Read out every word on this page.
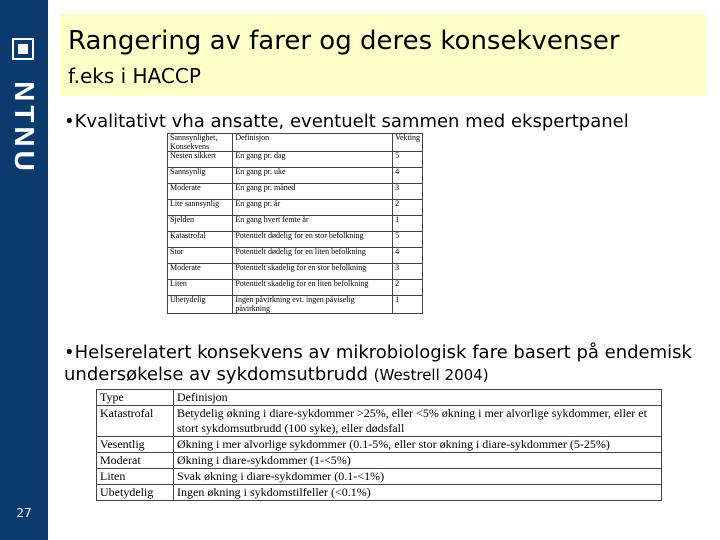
NTNU
27
Rangering av farer og deres konsekvenser
f.eks i HACCP
•Kvalitativt vha ansatte, eventuelt sammen med ekspertpanel
Sannsynlighet, Konsekvens	Definisjon	Vekting
Nesten sikkert	En gang pr. dag	5
Sannsynlig	En gang pr. uke	4
Moderate	En gang pr. måned	3
Lite sannsynlig	En gang pr. år	2
Sjelden	En gang hvert femte år	1
Katastrofal	Potentielt dødelig for en stor befolkning	5
Stor	Potentielt dødelig for en liten befolkning	4
Moderate	Potentielt skadelig for en stor befolkning	3
Liten	Potentielt skadelig for en liten befolkning	2
Ubetydelig	Ingen påvirkning evt. ingen påviselig påvirkning	1
•Helserelatert konsekvens av mikrobiologisk fare basert på endemisk undersøkelse av sykdomsutbrudd (Westrell 2004)
Type	Definisjon
Katastrofal	Betydelig økning i diare-sykdommer >25%, eller <5% økning i mer alvorlige sykdommer, eller et stort sykdomsutbrudd (100 syke), eller dødsfall
Vesentlig	Økning i mer alvorlige sykdommer (0.1-5%, eller stor økning i diare-sykdommer (5-25%)
Moderat	Økning i diare-sykdommer (1-<5%)
Liten	Svak økning i diare-sykdommer (0.1-<1%)
Ubetydelig	Ingen økning i sykdomstilfeller (<0.1%)
